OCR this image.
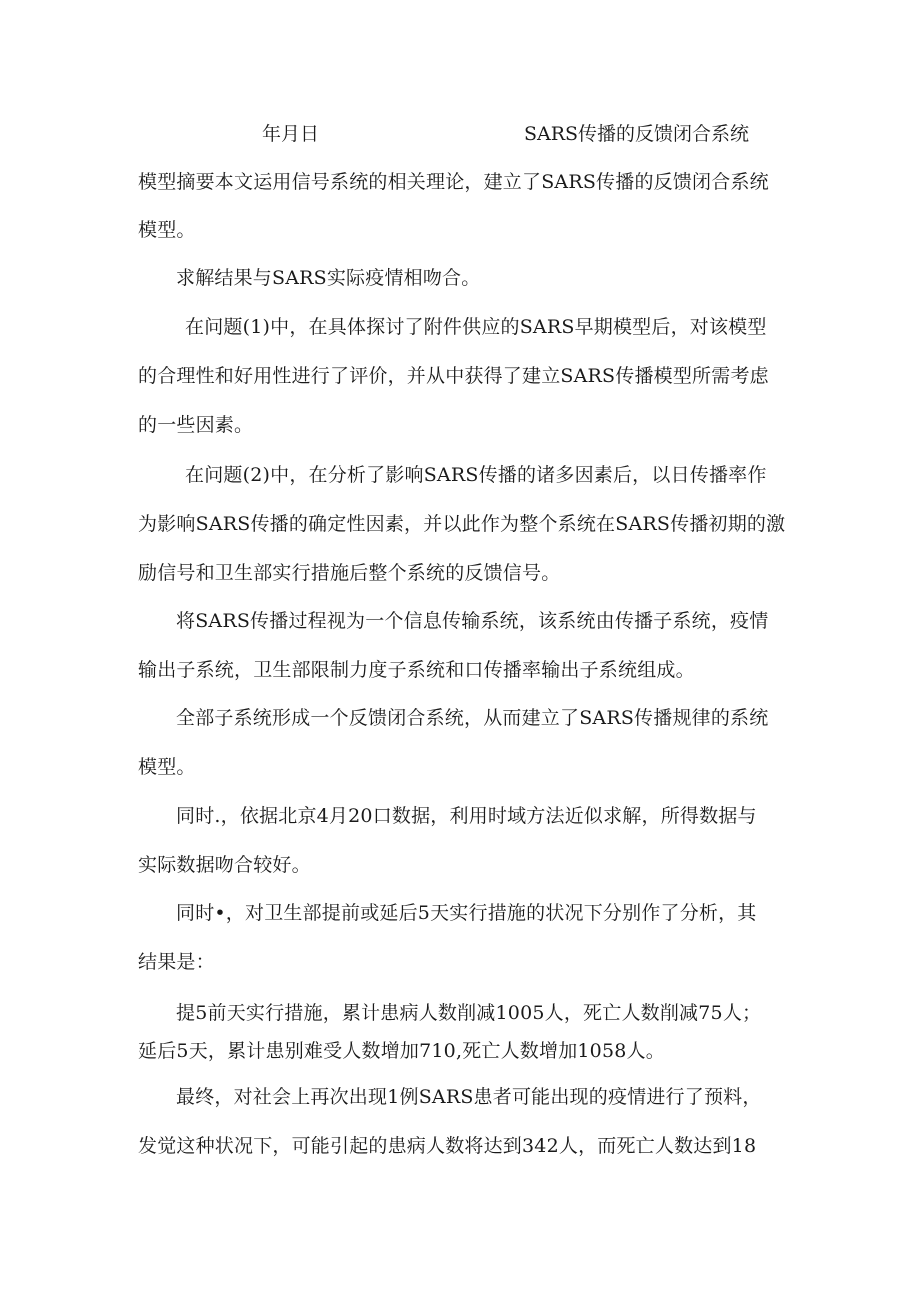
年月日	SARS传播的反馈闭合系统
模型摘要本文运用信号系统的相关理论，建立了SARS传播的反馈闭合系统
模型。
求解结果与SARS实际疫情相吻合。
在问题(1)中，在具体探讨了附件供应的SARS早期模型后，对该模型
的合理性和好用性进行了评价，并从中获得了建立SARS传播模型所需考虑
的一些因素。
在问题(2)中，在分析了影响SARS传播的诸多因素后，以日传播率作
为影响SARS传播的确定性因素，并以此作为整个系统在SARS传播初期的激
励信号和卫生部实行措施后整个系统的反馈信号。
将SARS传播过程视为一个信息传输系统，该系统由传播子系统，疫情
输出子系统，卫生部限制力度子系统和口传播率输出子系统组成。
全部子系统形成一个反馈闭合系统，从而建立了SARS传播规律的系统
模型。
同时.，依据北京4月20口数据，利用时域方法近似求解，所得数据与
实际数据吻合较好。
同时•，对卫生部提前或延后5天实行措施的状况下分别作了分析，其
结果是：
提5前天实行措施，累计患病人数削减1005人，死亡人数削减75人；
延后5天，累计患别难受人数增加710,死亡人数增加1058人。
最终，对社会上再次出现1例SARS患者可能出现的疫情进行了预料，
发觉这种状况下，可能引起的患病人数将达到342人，而死亡人数达到18
